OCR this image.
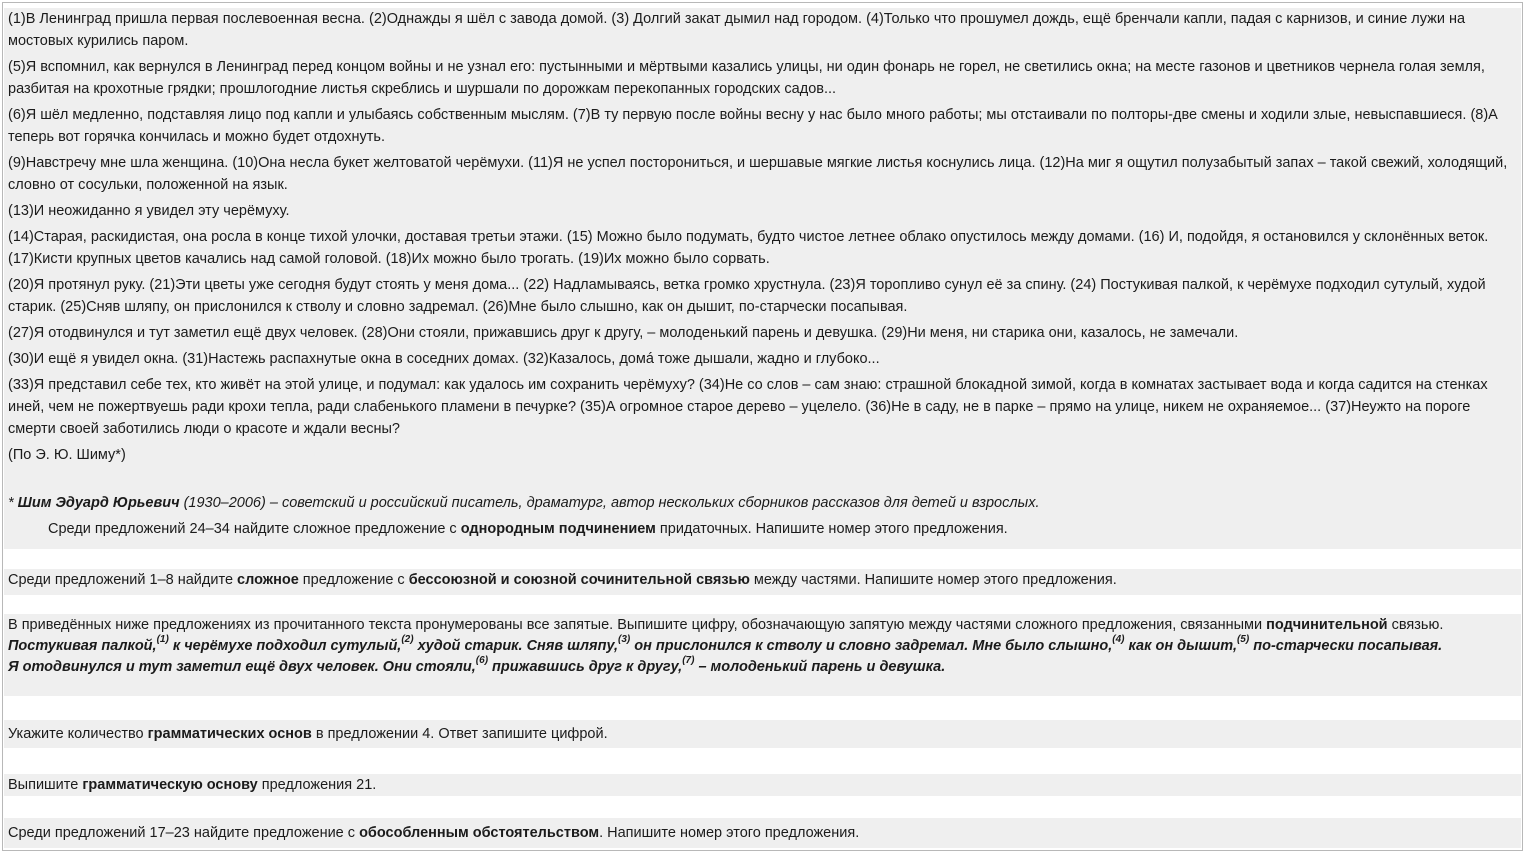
(1)В Ленинград пришла первая послевоенная весна. (2)Однажды я шёл с завода домой. (3) Долгий закат дымил над городом. (4)Только что прошумел дождь, ещё бренчали капли, падая с карнизов, и синие лужи на мостовых курились паром.

(5)Я вспомнил, как вернулся в Ленинград перед концом войны и не узнал его: пустынными и мёртвыми казались улицы, ни один фонарь не горел, не светились окна; на месте газонов и цветников чернела голая земля, разбитая на крохотные грядки; прошлогодние листья скреблись и шуршали по дорожкам перекопанных городских садов...

(6)Я шёл медленно, подставляя лицо под капли и улыбаясь собственным мыслям. (7)В ту первую после войны весну у нас было много работы; мы отстаивали по полторы-две смены и ходили злые, невыспавшиеся. (8)А теперь вот горячка кончилась и можно будет отдохнуть.

(9)Навстречу мне шла женщина. (10)Она несла букет желтоватой черёмухи. (11)Я не успел посторониться, и шершавые мягкие листья коснулись лица. (12)На миг я ощутил полузабытый запах – такой свежий, холодящий, словно от сосульки, положенной на язык.

(13)И неожиданно я увидел эту черёмуху.

(14)Старая, раскидистая, она росла в конце тихой улочки, доставая третьи этажи. (15) Можно было подумать, будто чистое летнее облако опустилось между домами. (16) И, подойдя, я остановился у склонённых веток. (17)Кисти крупных цветов качались над самой головой. (18)Их можно было трогать. (19)Их можно было сорвать.

(20)Я протянул руку. (21)Эти цветы уже сегодня будут стоять у меня дома... (22) Надламываясь, ветка громко хрустнула. (23)Я торопливо сунул её за спину. (24) Постукивая палкой, к черёмухе подходил сутулый, худой старик. (25)Сняв шляпу, он прислонился к стволу и словно задремал. (26)Мне было слышно, как он дышит, по-старчески посапывая.

(27)Я отодвинулся и тут заметил ещё двух человек. (28)Они стояли, прижавшись друг к другу, – молоденький парень и девушка. (29)Ни меня, ни старика они, казалось, не замечали.

(30)И ещё я увидел окна. (31)Настежь распахнутые окна в соседних домах. (32)Казалось, домá тоже дышали, жадно и глубоко...

(33)Я представил себе тех, кто живёт на этой улице, и подумал: как удалось им сохранить черёмуху? (34)Не со слов – сам знаю: страшной блокадной зимой, когда в комнатах застывает вода и когда садится на стенках иней, чем не пожертвуешь ради крохи тепла, ради слабенького пламени в печурке? (35)А огромное старое дерево – уцелело. (36)Не в саду, не в парке – прямо на улице, никем не охраняемое... (37)Неужто на пороге смерти своей заботились люди о красоте и ждали весны?

(По Э. Ю. Шиму*)

* Шим Эдуард Юрьевич (1930–2006) – советский и российский писатель, драматург, автор нескольких сборников рассказов для детей и взрослых.

Среди предложений 24–34 найдите сложное предложение с однородным подчинением придаточных. Напишите номер этого предложения.

Среди предложений 1–8 найдите сложное предложение с бессоюзной и союзной сочинительной связью между частями. Напишите номер этого предложения.

В приведённых ниже предложениях из прочитанного текста пронумерованы все запятые. Выпишите цифру, обозначающую запятую между частями сложного предложения, связанными подчинительной связью.

Постукивая палкой,$^{(1)}$ к черёмухе подходил сутулый,$^{(2)}$ худой старик. Сняв шляпу,$^{(3)}$ он прислонился к стволу и словно задремал. Мне было слышно,$^{(4)}$ как он дышит,$^{(5)}$ по-старчески посапывая.
Я отодвинулся и тут заметил ещё двух человек. Они стояли,$^{(6)}$ прижавшись друг к другу,$^{(7)}$ – молоденький парень и девушка.

Укажите количество грамматических основ в предложении 4. Ответ запишите цифрой.

Выпишите грамматическую основу предложения 21.

Среди предложений 17–23 найдите предложение с обособленным обстоятельством. Напишите номер этого предложения.
